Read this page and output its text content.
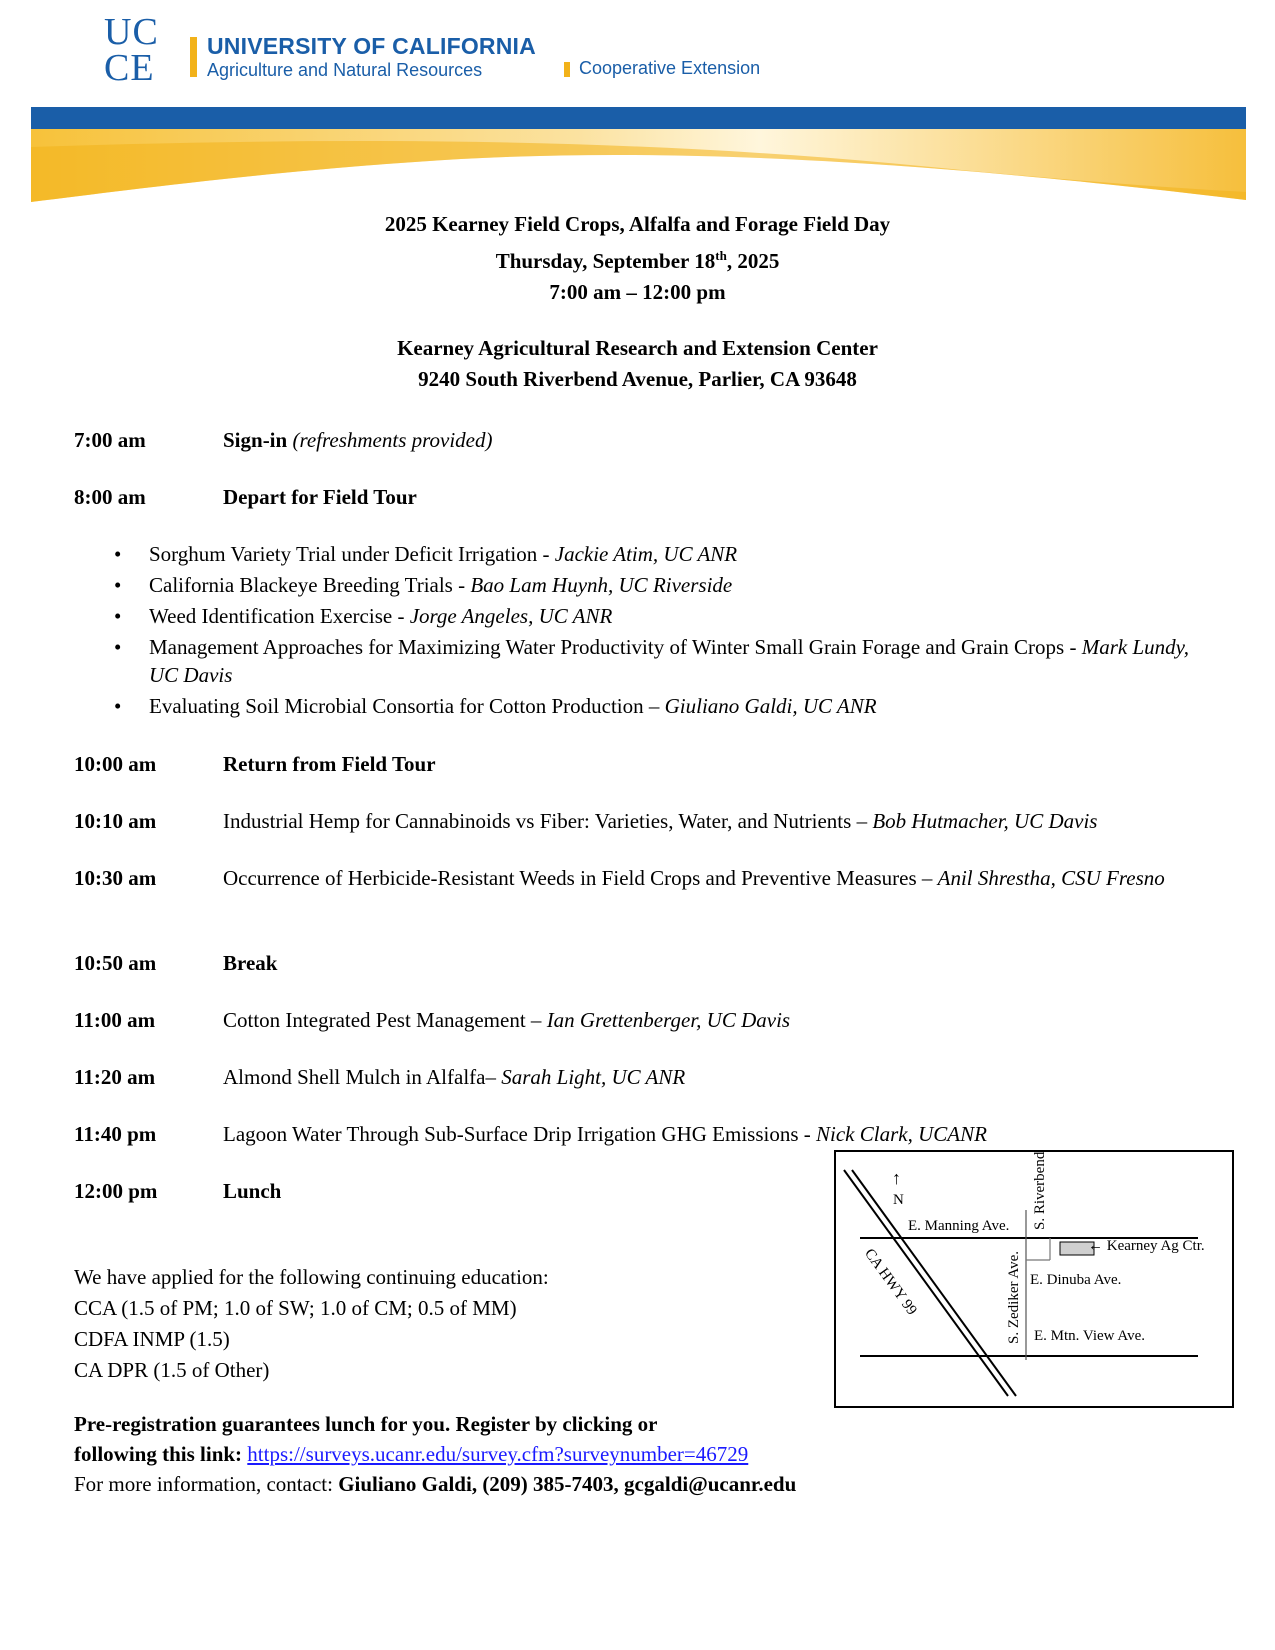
UC
CE
UNIVERSITY OF CALIFORNIA
Agriculture and Natural Resources	Cooperative Extension
2025 Kearney Field Crops, Alfalfa and Forage Field Day
Thursday, September 18th, 2025
7:00 am – 12:00 pm
Kearney Agricultural Research and Extension Center
9240 South Riverbend Avenue, Parlier, CA 93648
7:00 am	Sign-in (refreshments provided)
8:00 am	Depart for Field Tour
• Sorghum Variety Trial under Deficit Irrigation - Jackie Atim, UC ANR
• California Blackeye Breeding Trials - Bao Lam Huynh, UC Riverside
• Weed Identification Exercise - Jorge Angeles, UC ANR
• Management Approaches for Maximizing Water Productivity of Winter Small Grain Forage and Grain Crops - Mark Lundy, UC Davis
• Evaluating Soil Microbial Consortia for Cotton Production – Giuliano Galdi, UC ANR
10:00 am	Return from Field Tour
10:10 am	Industrial Hemp for Cannabinoids vs Fiber: Varieties, Water, and Nutrients – Bob Hutmacher, UC Davis
10:30 am	Occurrence of Herbicide-Resistant Weeds in Field Crops and Preventive Measures – Anil Shrestha, CSU Fresno
10:50 am	Break
11:00 am	Cotton Integrated Pest Management – Ian Grettenberger, UC Davis
11:20 am	Almond Shell Mulch in Alfalfa– Sarah Light, UC ANR
11:40 pm	Lagoon Water Through Sub-Surface Drip Irrigation GHG Emissions - Nick Clark, UCANR
12:00 pm	Lunch
We have applied for the following continuing education:
CCA (1.5 of PM; 1.0 of SW; 1.0 of CM; 0.5 of MM)
CDFA INMP (1.5)
CA DPR (1.5 of Other)
Pre-registration guarantees lunch for you. Register by clicking or
following this link: https://surveys.ucanr.edu/survey.cfm?surveynumber=46729
For more information, contact: Giuliano Galdi, (209) 385-7403, gcgaldi@ucanr.edu
↑
N
E. Manning Ave. S. Riverbend
← Kearney Ag Ctr.
E. Dinuba Ave.
S. Zediker Ave. E. Mtn. View Ave.
CA HWY 99
